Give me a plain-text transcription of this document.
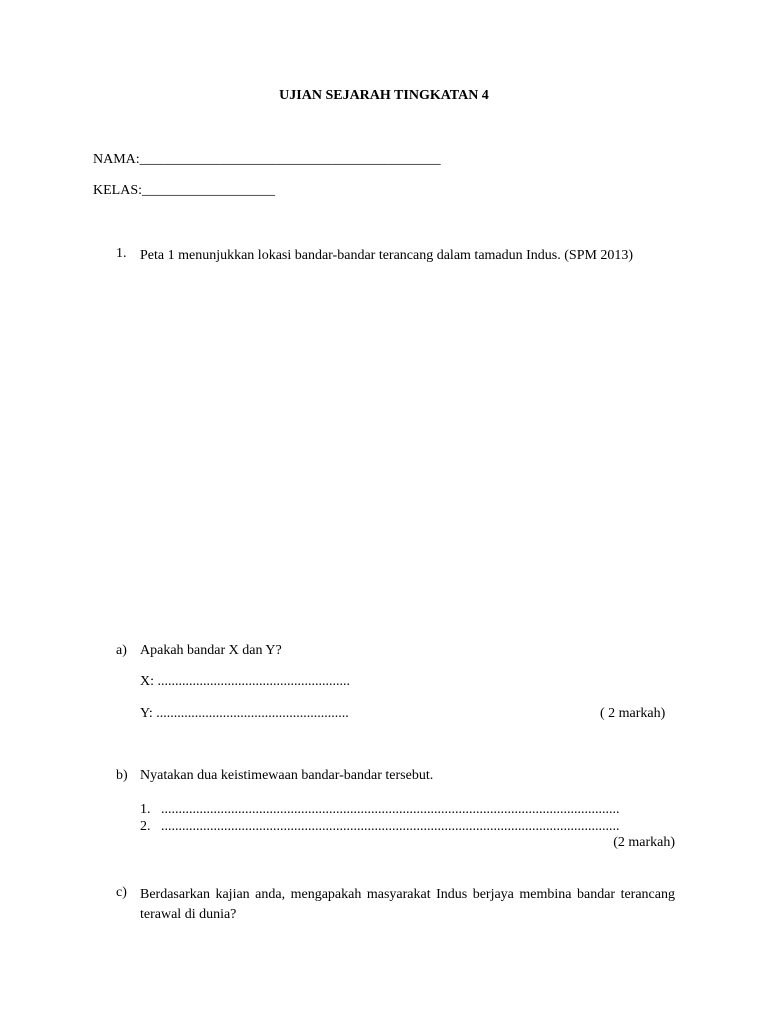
UJIAN SEJARAH TINGKATAN 4
NAMA:___________________________________________
KELAS:___________________
1. Peta 1 menunjukkan lokasi bandar-bandar terancang dalam tamadun Indus. (SPM 2013)
a) Apakah bandar X dan Y?
X: .......................................................
Y: .......................................................	( 2 markah)
b) Nyatakan dua keistimewaan bandar-bandar tersebut.
1. ...................................................................................................................................
2. ...................................................................................................................................
(2 markah)
c) Berdasarkan kajian anda, mengapakah masyarakat Indus berjaya membina bandar terancang terawal di dunia?
